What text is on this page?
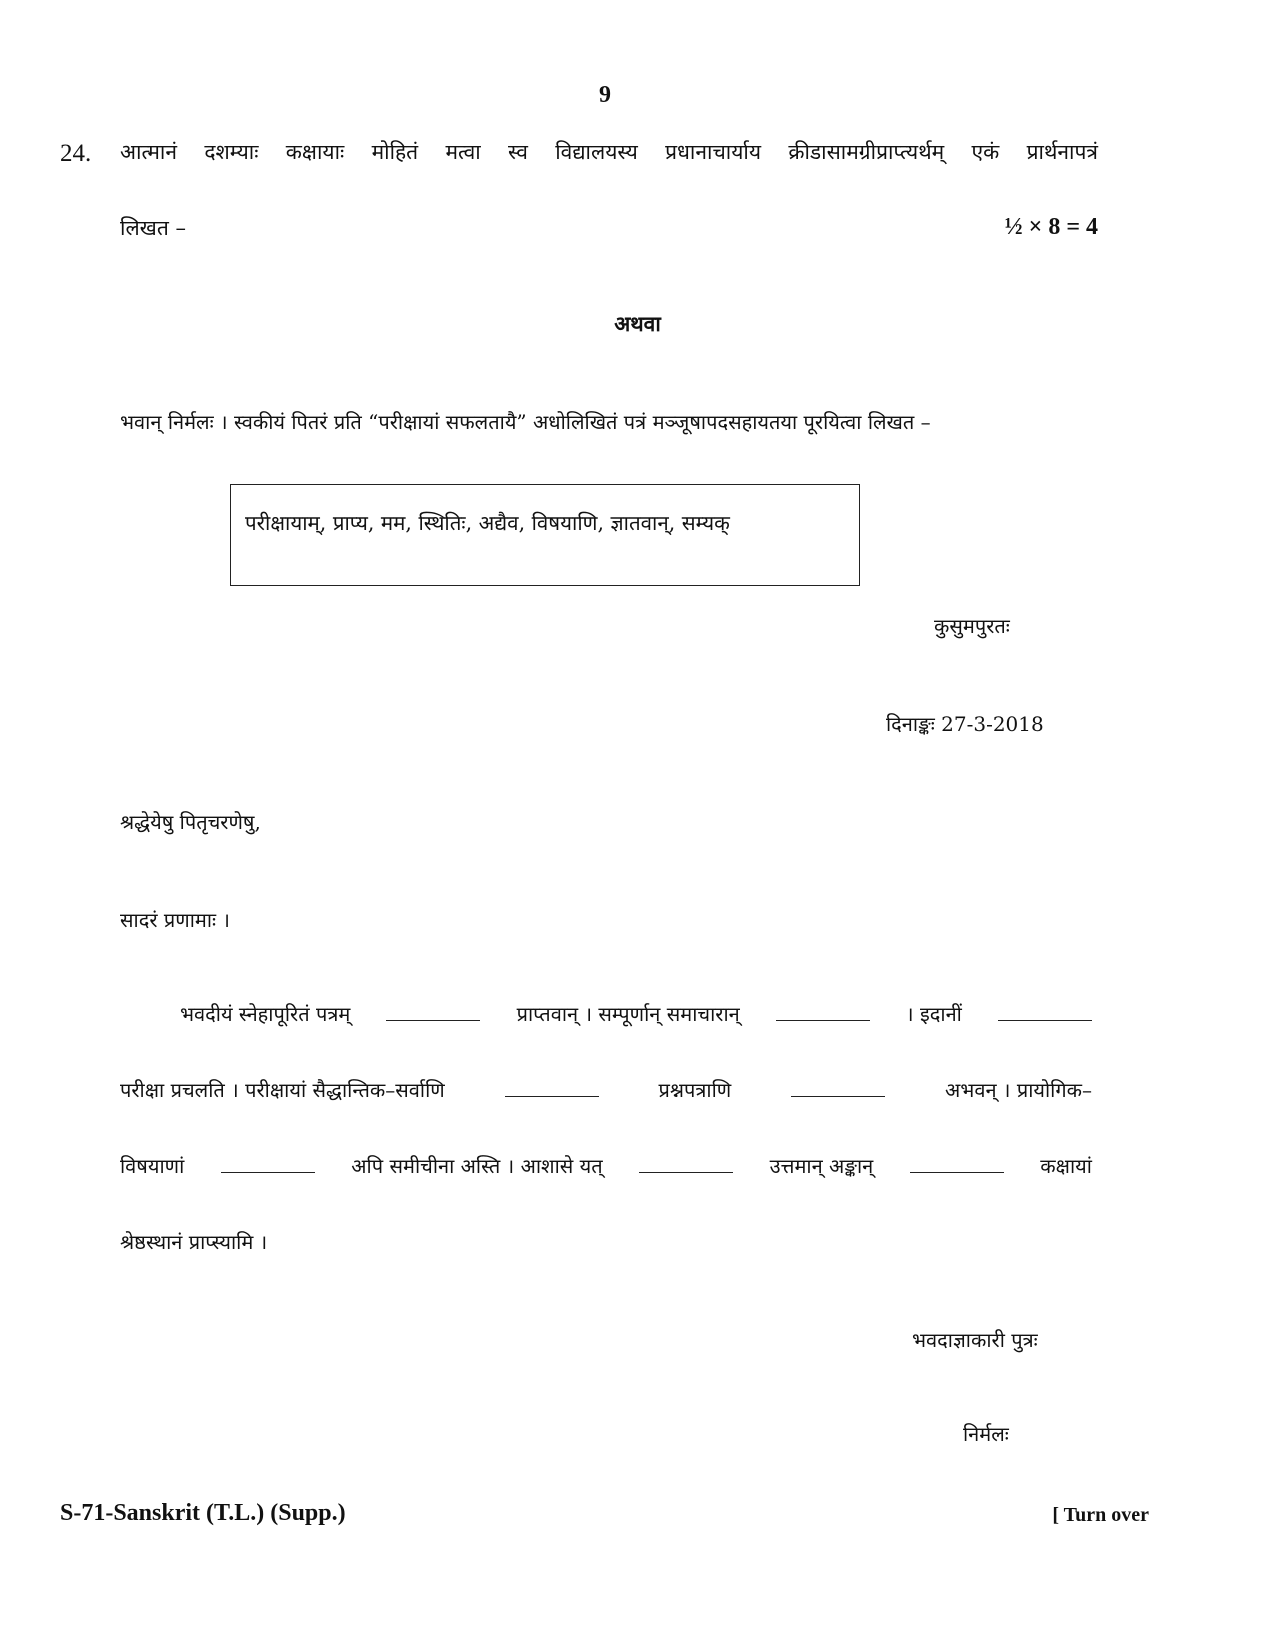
9
24. आत्मानं दशम्याः कक्षायाः मोहितं मत्वा स्व विद्यालयस्य प्रधानाचार्याय क्रीडासामग्रीप्राप्त्यर्थम् एकं प्रार्थनापत्रं
लिखत –	½ × 8 = 4
अथवा
भवान् निर्मलः । स्वकीयं पितरं प्रति “परीक्षायां सफलतायै” अधोलिखितं पत्रं मञ्जूषापदसहायतया पूरयित्वा लिखत –
परीक्षायाम्, प्राप्य, मम, स्थितिः, अद्यैव, विषयाणि, ज्ञातवान्, सम्यक्
कुसुमपुरतः
दिनाङ्कः 27-3-2018
श्रद्धेयेषु पितृचरणेषु,
सादरं प्रणामाः ।
भवदीयं स्नेहापूरितं पत्रम्	प्राप्तवान् । सम्पूर्णान् समाचारान्	। इदानीं
परीक्षा प्रचलति । परीक्षायां सैद्धान्तिक–सर्वाणि	प्रश्नपत्राणि	अभवन् । प्रायोगिक–
विषयाणां	अपि समीचीना अस्ति । आशासे यत्	उत्तमान् अङ्कान्	कक्षायां
श्रेष्ठस्थानं प्राप्स्यामि ।
भवदाज्ञाकारी पुत्रः
निर्मलः
S-71-Sanskrit (T.L.) (Supp.)	[ Turn over
